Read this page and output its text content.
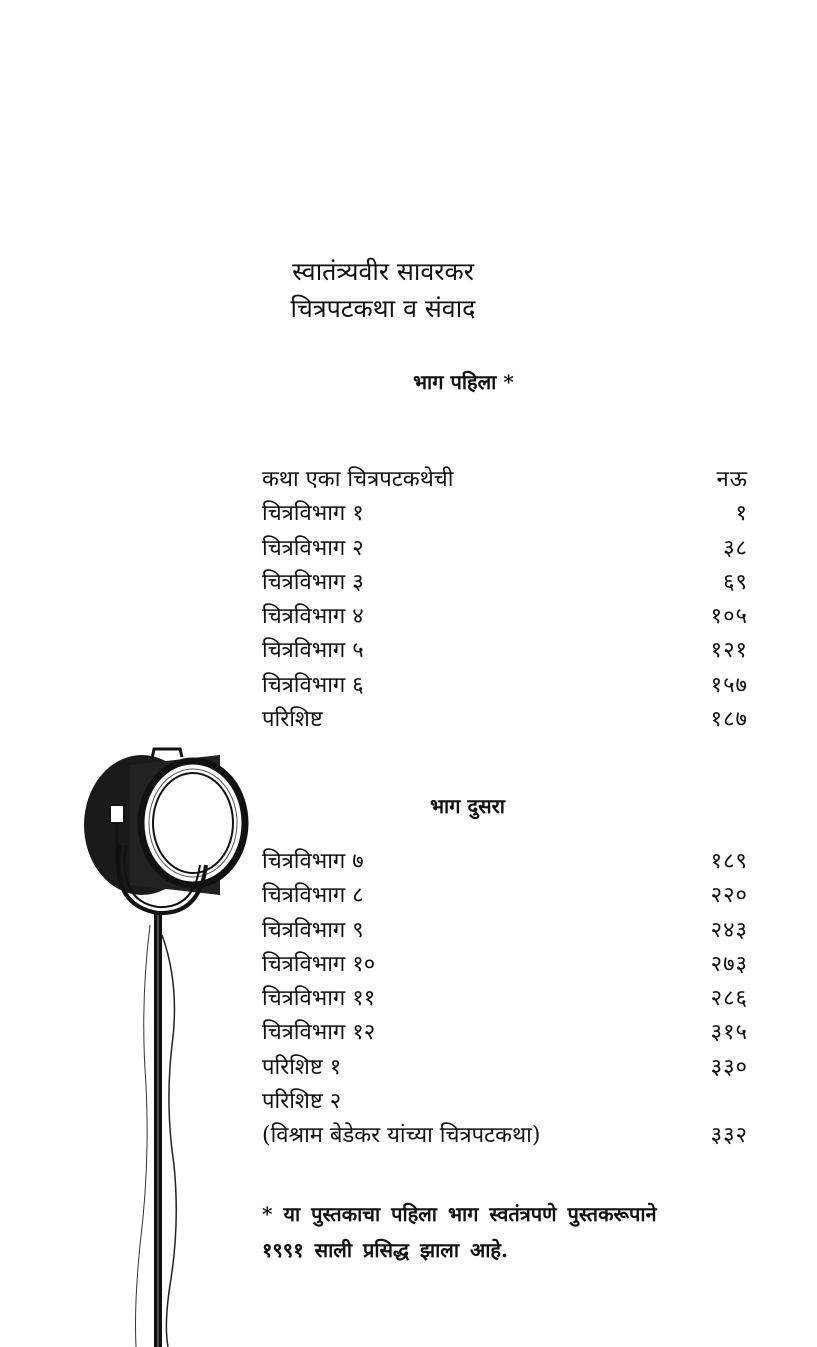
स्वातंत्र्यवीर सावरकर
चित्रपटकथा व संवाद
भाग पहिला *
कथा एका चित्रपटकथेची	नऊ
चित्रविभाग १	१
चित्रविभाग २	३८
चित्रविभाग ३	६९
चित्रविभाग ४	१०५
चित्रविभाग ५	१२१
चित्रविभाग ६	१५७
परिशिष्ट	१८७
भाग दुसरा
चित्रविभाग ७	१८९
चित्रविभाग ८	२२०
चित्रविभाग ९	२४३
चित्रविभाग १०	२७३
चित्रविभाग ११	२८६
चित्रविभाग १२	३१५
परिशिष्ट १	३३०
परिशिष्ट २
(विश्राम बेडेकर यांच्या चित्रपटकथा)	३३२
* या पुस्तकाचा पहिला भाग स्वतंत्रपणे पुस्तकरूपाने
१९९१ साली प्रसिद्ध झाला आहे.
